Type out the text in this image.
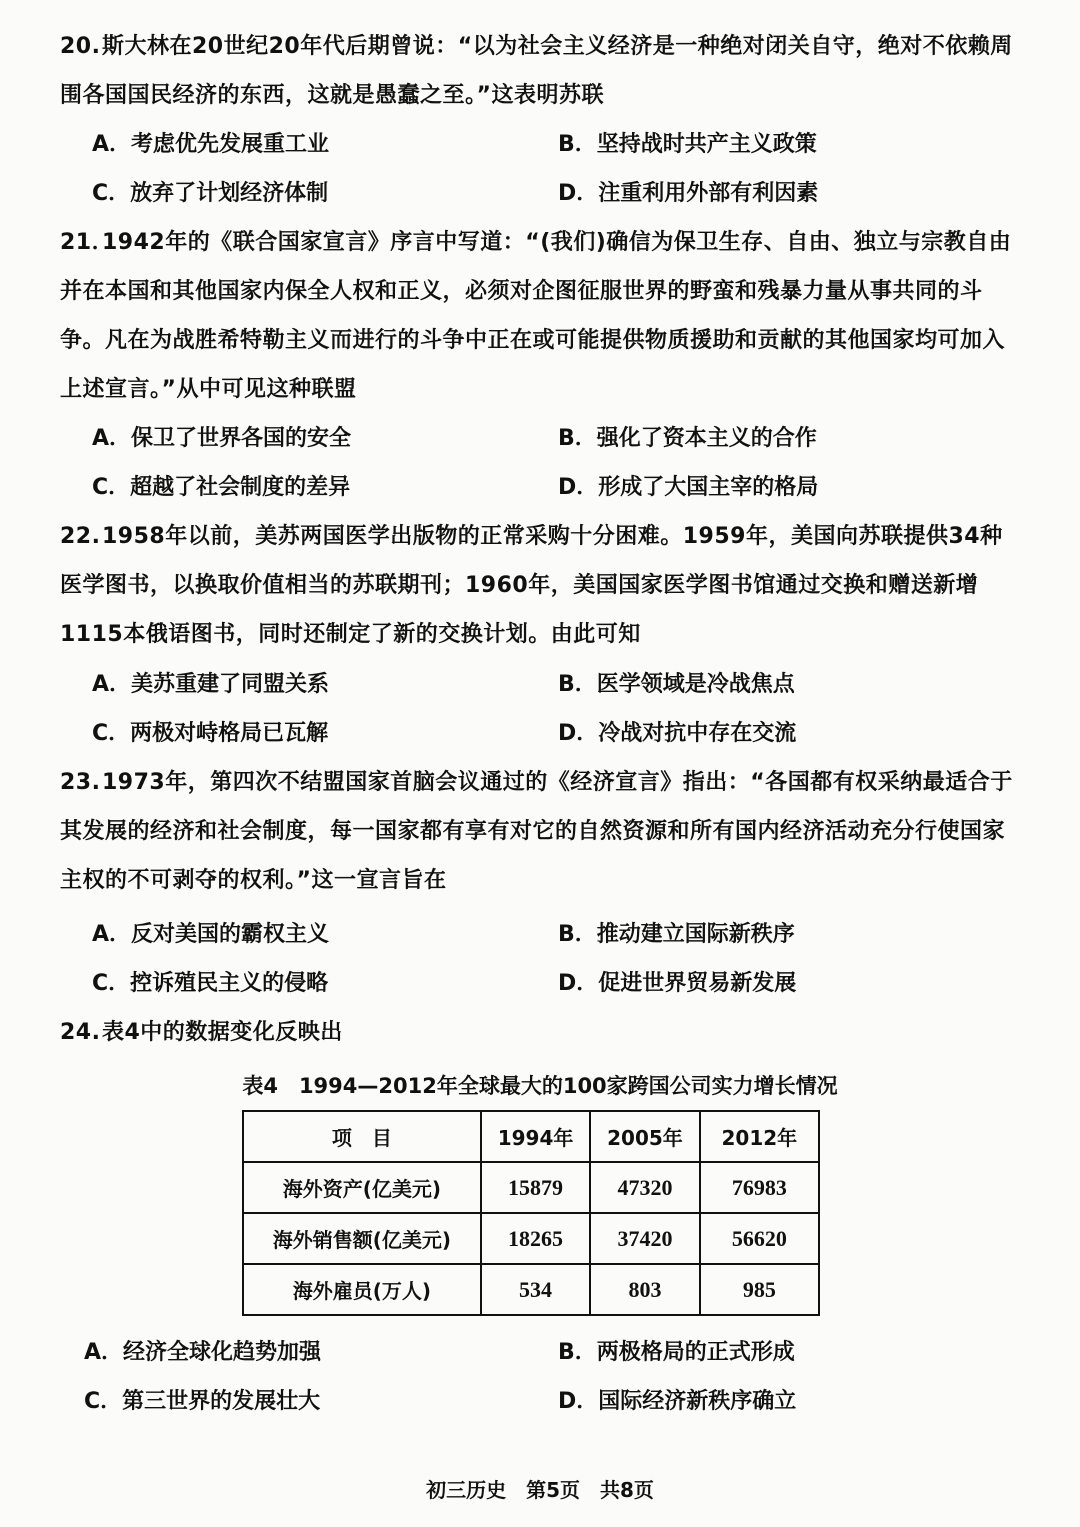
20.斯大林在20世纪20年代后期曾说：“以为社会主义经济是一种绝对闭关自守，绝对不依赖周围各国国民经济的东西，这就是愚蠢之至。”这表明苏联
A．考虑优先发展重工业	B．坚持战时共产主义政策
C．放弃了计划经济体制	D．注重利用外部有利因素
21．1942年的《联合国家宣言》序言中写道：“(我们)确信为保卫生存、自由、独立与宗教自由并在本国和其他国家内保全人权和正义，必须对企图征服世界的野蛮和残暴力量从事共同的斗争。凡在为战胜希特勒主义而进行的斗争中正在或可能提供物质援助和贡献的其他国家均可加入上述宣言。”从中可见这种联盟
A．保卫了世界各国的安全	B．强化了资本主义的合作
C．超越了社会制度的差异	D．形成了大国主宰的格局
22.1958年以前，美苏两国医学出版物的正常采购十分困难。1959年，美国向苏联提供34种医学图书，以换取价值相当的苏联期刊；1960年，美国国家医学图书馆通过交换和赠送新增1115本俄语图书，同时还制定了新的交换计划。由此可知
A．美苏重建了同盟关系	B．医学领域是冷战焦点
C．两极对峙格局已瓦解	D．冷战对抗中存在交流
23.1973年，第四次不结盟国家首脑会议通过的《经济宣言》指出：“各国都有权采纳最适合于其发展的经济和社会制度，每一国家都有享有对它的自然资源和所有国内经济活动充分行使国家主权的不可剥夺的权利。”这一宣言旨在
A．反对美国的霸权主义	B．推动建立国际新秩序
C．控诉殖民主义的侵略	D．促进世界贸易新发展
24.表4中的数据变化反映出
表4　1994—2012年全球最大的100家跨国公司实力增长情况
项　目	1994年	2005年	2012年
海外资产(亿美元)	15879	47320	76983
海外销售额(亿美元)	18265	37420	56620
海外雇员(万人)	534	803	985
A．经济全球化趋势加强	B．两极格局的正式形成
C．第三世界的发展壮大	D．国际经济新秩序确立
初三历史　第5页　共8页
